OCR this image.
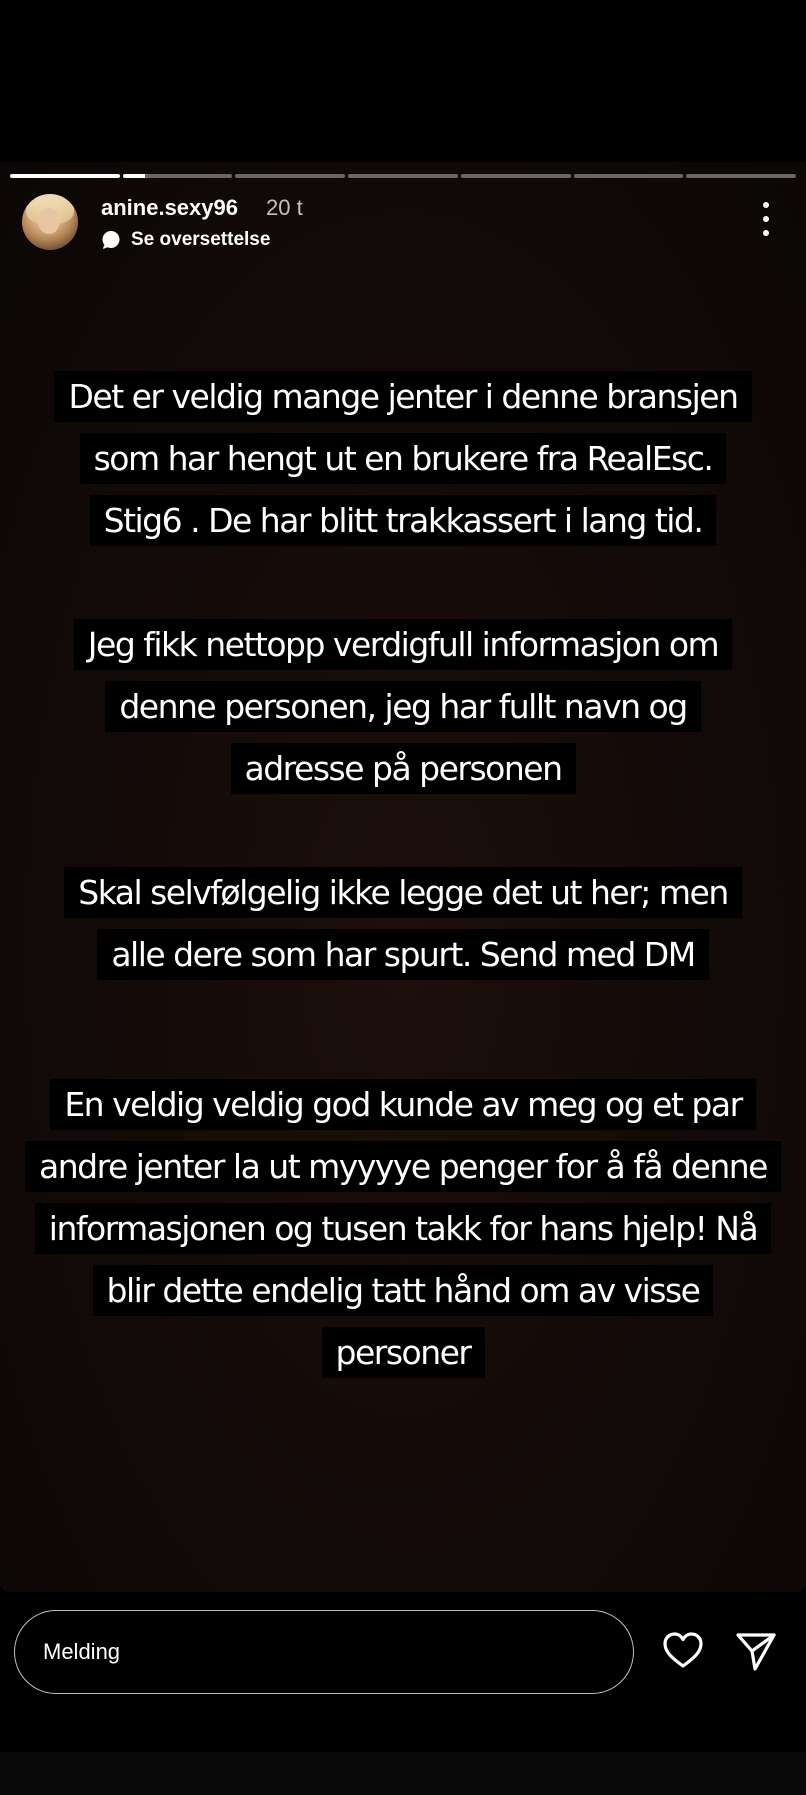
anine.sexy96 20 t
Se oversettelse
Det er veldig mange jenter i denne bransjen
som har hengt ut en brukere fra RealEsc.
Stig6 . De har blitt trakkassert i lang tid.
Jeg fikk nettopp verdigfull informasjon om
denne personen, jeg har fullt navn og
adresse på personen
Skal selvfølgelig ikke legge det ut her; men
alle dere som har spurt. Send med DM
En veldig veldig god kunde av meg og et par
andre jenter la ut myyyye penger for å få denne
informasjonen og tusen takk for hans hjelp! Nå
blir dette endelig tatt hånd om av visse
personer
Melding
